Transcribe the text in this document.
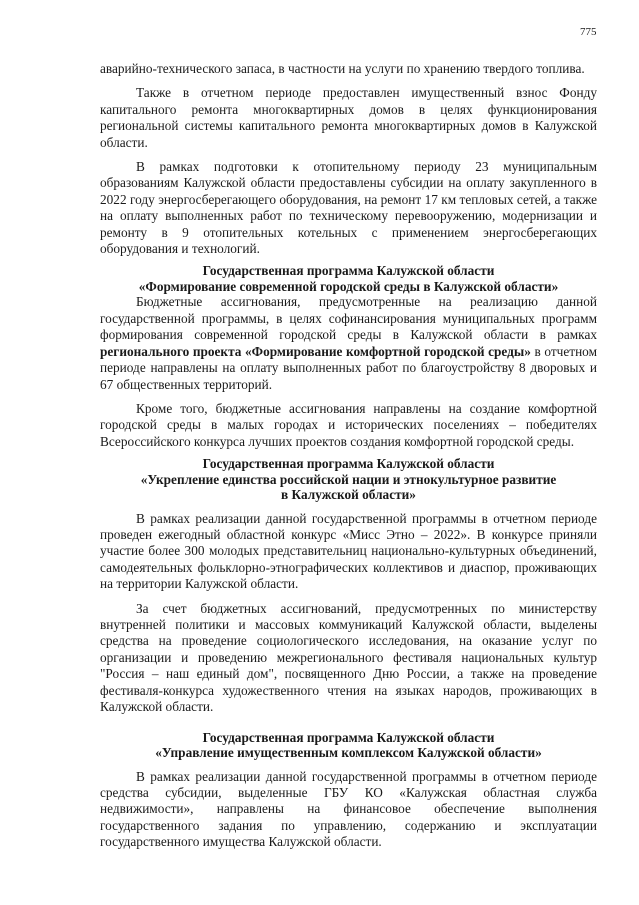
775

аварийно-технического запаса, в частности на услуги по хранению твердого топлива.

Также в отчетном периоде предоставлен имущественный взнос Фонду капитального ремонта многоквартирных домов в целях функционирования региональной системы капитального ремонта многоквартирных домов в Калужской области.

В рамках подготовки к отопительному периоду 23 муниципальным образованиям Калужской области предоставлены субсидии на оплату закупленного в 2022 году энергосберегающего оборудования, на ремонт 17 км тепловых сетей, а также на оплату выполненных работ по техническому перевооружению, модернизации и ремонту в 9 отопительных котельных с применением энергосберегающих оборудования и технологий.

Государственная программа Калужской области
«Формирование современной городской среды в Калужской области»

Бюджетные ассигнования, предусмотренные на реализацию данной государственной программы, в целях софинансирования муниципальных программ формирования современной городской среды в Калужской области в рамках регионального проекта «Формирование комфортной городской среды» в отчетном периоде направлены на оплату выполненных работ по благоустройству 8 дворовых и 67 общественных территорий.

Кроме того, бюджетные ассигнования направлены на создание комфортной городской среды в малых городах и исторических поселениях – победителях Всероссийского конкурса лучших проектов создания комфортной городской среды.

Государственная программа Калужской области
«Укрепление единства российской нации и этнокультурное развитие
в Калужской области»

В рамках реализации данной государственной программы в отчетном периоде проведен ежегодный областной конкурс «Мисс Этно – 2022». В конкурсе приняли участие более 300 молодых представительниц национально-культурных объединений, самодеятельных фольклорно-этнографических коллективов и диаспор, проживающих на территории Калужской области.

За счет бюджетных ассигнований, предусмотренных по министерству внутренней политики и массовых коммуникаций Калужской области, выделены средства на проведение социологического исследования, на оказание услуг по организации и проведению межрегионального фестиваля национальных культур "Россия – наш единый дом", посвященного Дню России, а также на проведение фестиваля-конкурса художественного чтения на языках народов, проживающих в Калужской области.

Государственная программа Калужской области
«Управление имущественным комплексом Калужской области»

В рамках реализации данной государственной программы в отчетном периоде средства субсидии, выделенные ГБУ КО «Калужская областная служба недвижимости», направлены на финансовое обеспечение выполнения государственного задания по управлению, содержанию и эксплуатации государственного имущества Калужской области.
